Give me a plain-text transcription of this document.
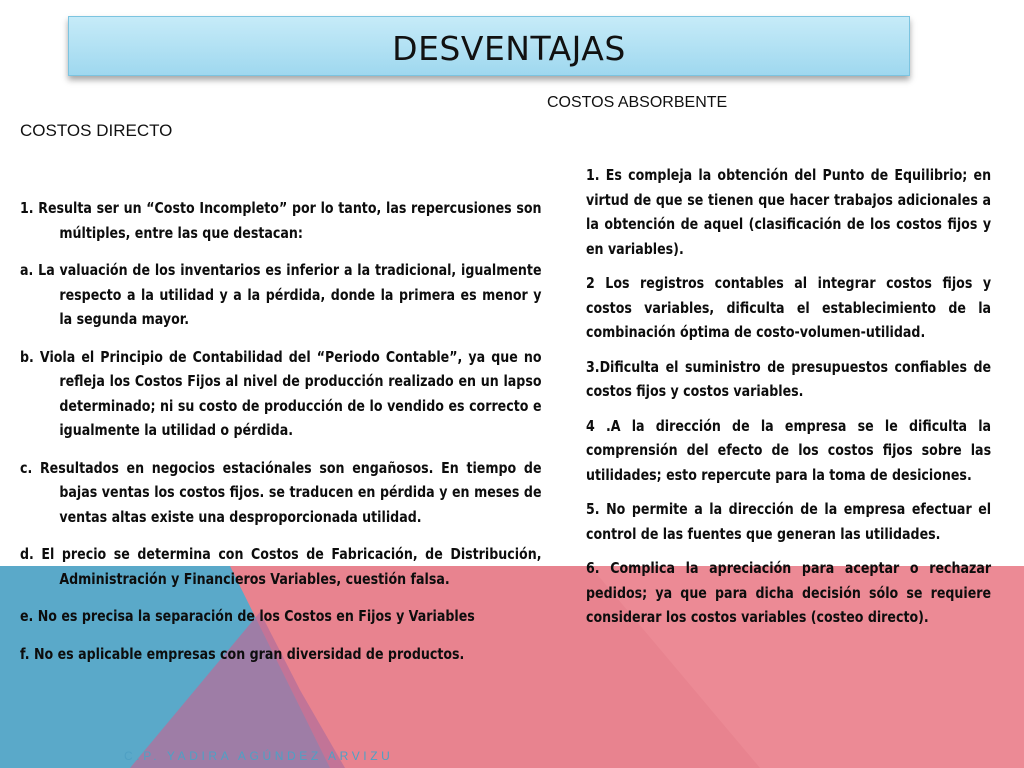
DESVENTAJAS
COSTOS ABSORBENTE
COSTOS DIRECTO

1. Resulta ser un “Costo Incompleto” por lo tanto, las repercusiones son múltiples, entre las que destacan:

a. La valuación de los inventarios es inferior a la tradicional, igualmente respecto a la utilidad y a la pérdida, donde la primera es menor y la segunda mayor.

b. Viola el Principio de Contabilidad del “Periodo Contable”, ya que no refleja los Costos Fijos al nivel de producción realizado en un lapso determinado; ni su costo de producción de lo vendido es correcto e igualmente la utilidad o pérdida.

c. Resultados en negocios estaciónales son engañosos. En tiempo de bajas ventas los costos fijos. se traducen en pérdida y en meses de ventas altas existe una desproporcionada utilidad.

d. El precio se determina con Costos de Fabricación, de Distribución, Administración y Financieros Variables, cuestión falsa.

e. No es precisa la separación de los Costos en Fijos y Variables

f. No es aplicable empresas con gran diversidad de productos.

1. Es compleja la obtención del Punto de Equilibrio; en virtud de que se tienen que hacer trabajos adicionales a la obtención de aquel (clasificación de los costos fijos y en variables).

2 Los registros contables al integrar costos fijos y costos variables, dificulta el establecimiento de la combinación óptima de costo-volumen-utilidad.

3.Dificulta el suministro de presupuestos confiables de costos fijos y costos variables.

4 .A la dirección de la empresa se le dificulta la comprensión del efecto de los costos fijos sobre las utilidades; esto repercute para la toma de desiciones.

5. No permite a la dirección de la empresa efectuar el control de las fuentes que generan las utilidades.

6. Complica la apreciación para aceptar o rechazar pedidos; ya que para dicha decisión sólo se requiere considerar los costos variables (costeo directo).

C.P. YADIRA AGÚNDEZ ARVIZU
